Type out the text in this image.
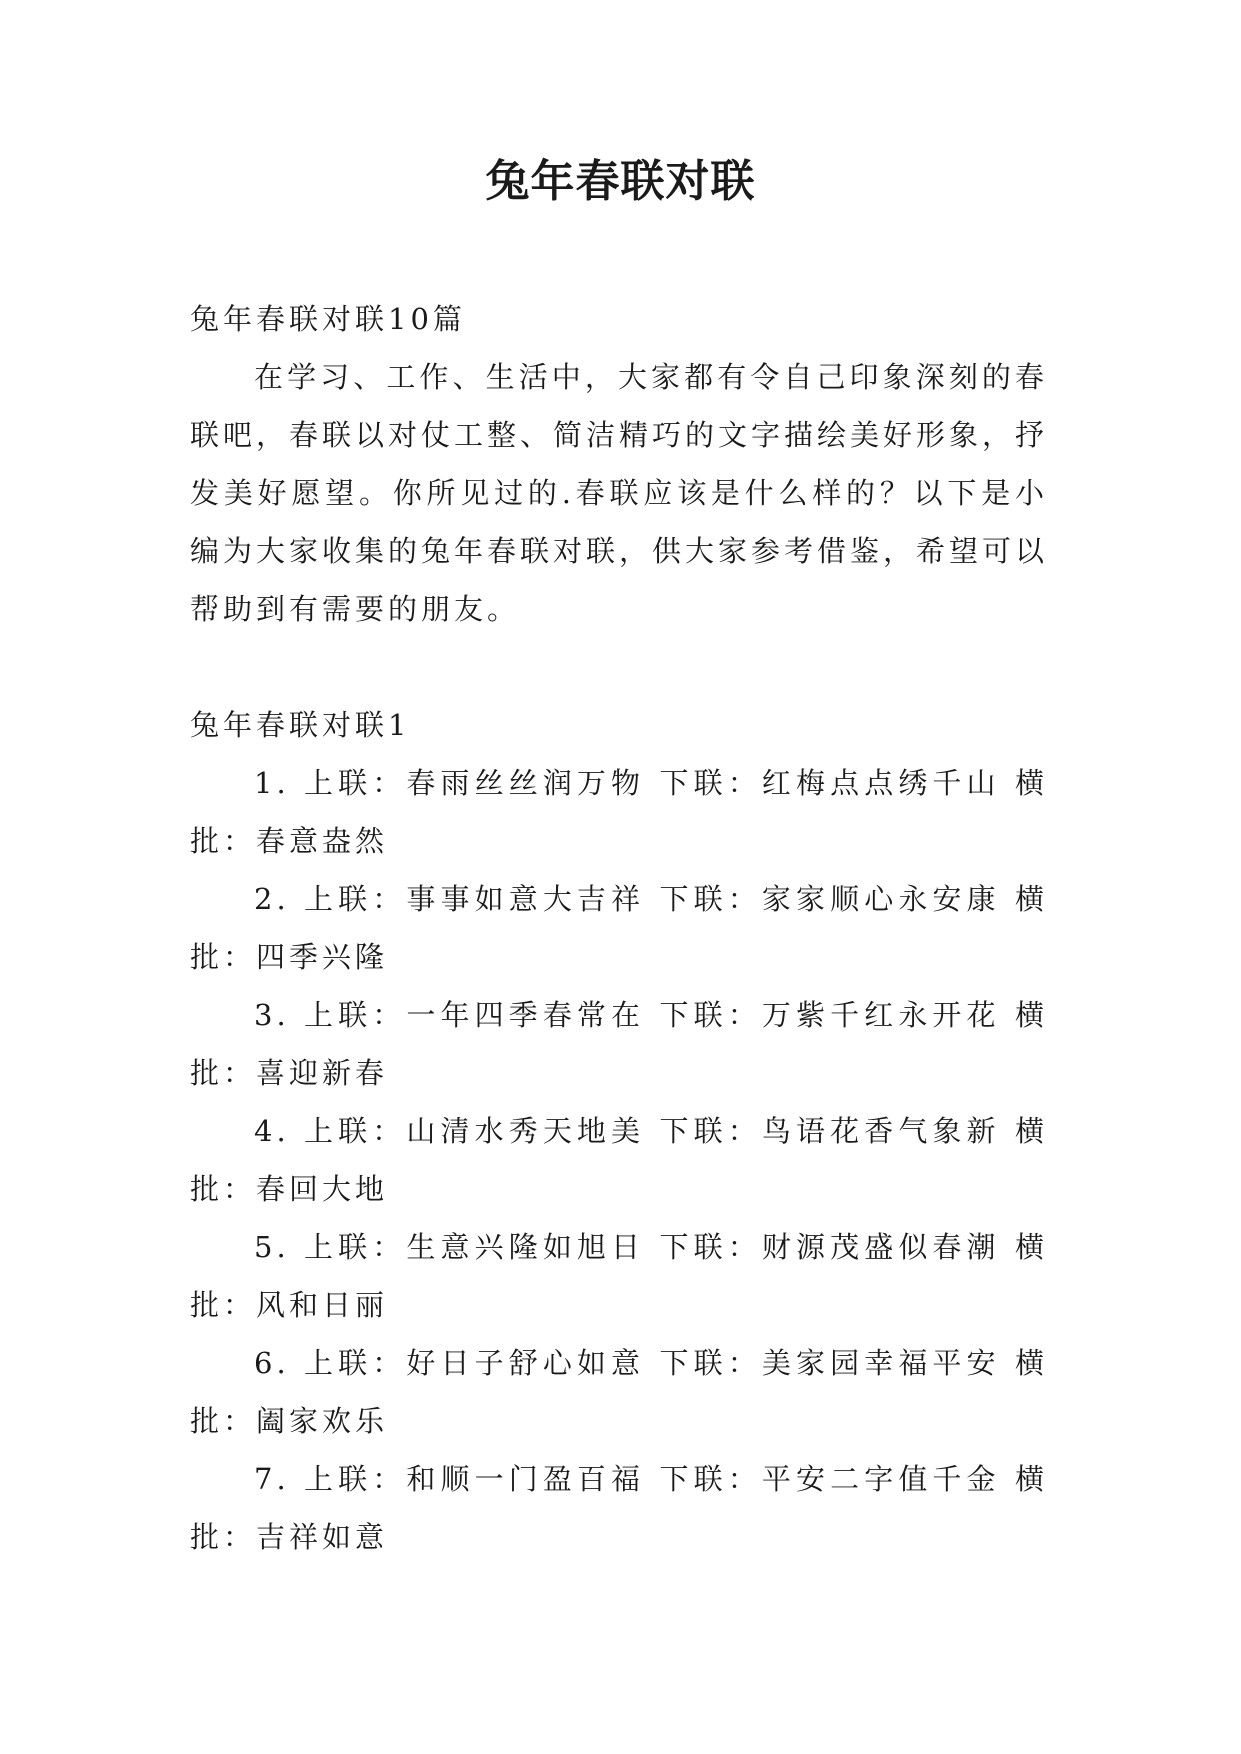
兔年春联对联
兔年春联对联10篇

在学习、工作、生活中，大家都有令自己印象深刻的春联吧，春联以对仗工整、简洁精巧的文字描绘美好形象，抒发美好愿望。你所见过的.春联应该是什么样的？以下是小编为大家收集的兔年春联对联，供大家参考借鉴，希望可以帮助到有需要的朋友。

兔年春联对联1

1. 上联：春雨丝丝润万物 下联：红梅点点绣千山 横批：春意盎然

2. 上联：事事如意大吉祥 下联：家家顺心永安康 横批：四季兴隆

3. 上联：一年四季春常在 下联：万紫千红永开花 横批：喜迎新春

4. 上联：山清水秀天地美 下联：鸟语花香气象新 横批：春回大地

5. 上联：生意兴隆如旭日 下联：财源茂盛似春潮 横批：风和日丽

6. 上联：好日子舒心如意 下联：美家园幸福平安 横批：阖家欢乐

7. 上联：和顺一门盈百福 下联：平安二字值千金 横批：吉祥如意
